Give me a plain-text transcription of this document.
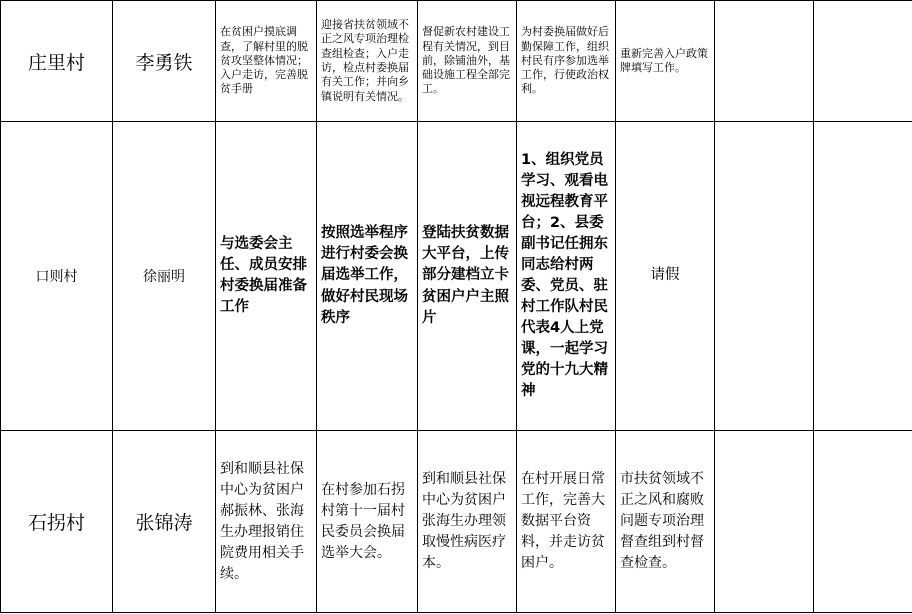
庄里村	李勇铁	在贫困户摸底调查，了解村里的脱贫攻坚整体情况；入户走访，完善脱贫手册	迎接省扶贫领域不正之风专项治理检查组检查；入户走访，检点村委换届有关工作；并向乡镇说明有关情况。	督促新农村建设工程有关情况，到目前，除铺油外，基础设施工程全部完工。	为村委换届做好后勤保障工作，组织村民有序参加选举工作，行使政治权利。	重新完善入户政策牌填写工作。		
口则村	徐丽明	与选委会主任、成员安排村委换届准备工作	按照选举程序进行村委会换届选举工作，做好村民现场秩序	登陆扶贫数据大平台，上传部分建档立卡贫困户户主照片	1、组织党员学习、观看电视远程教育平台；2、县委副书记任拥东同志给村两委、党员、驻村工作队村民代表4人上党课，一起学习党的十九大精神	请假		
石拐村	张锦涛	到和顺县社保中心为贫困户郝振林、张海生办理报销住院费用相关手续。	在村参加石拐村第十一届村民委员会换届选举大会。	到和顺县社保中心为贫困户张海生办理领取慢性病医疗本。	在村开展日常工作，完善大数据平台资料，并走访贫困户。	市扶贫领域不正之风和腐败问题专项治理督查组到村督查检查。		
